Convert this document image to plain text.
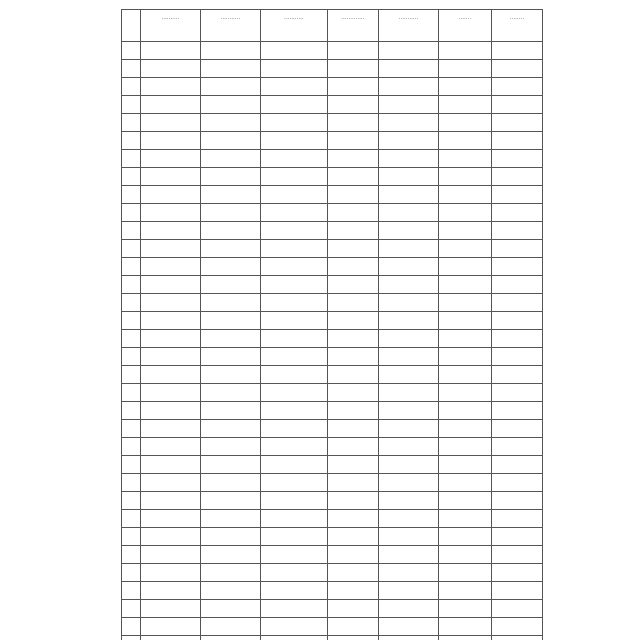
	..........	...........	...........	.............	...........	.......	........
